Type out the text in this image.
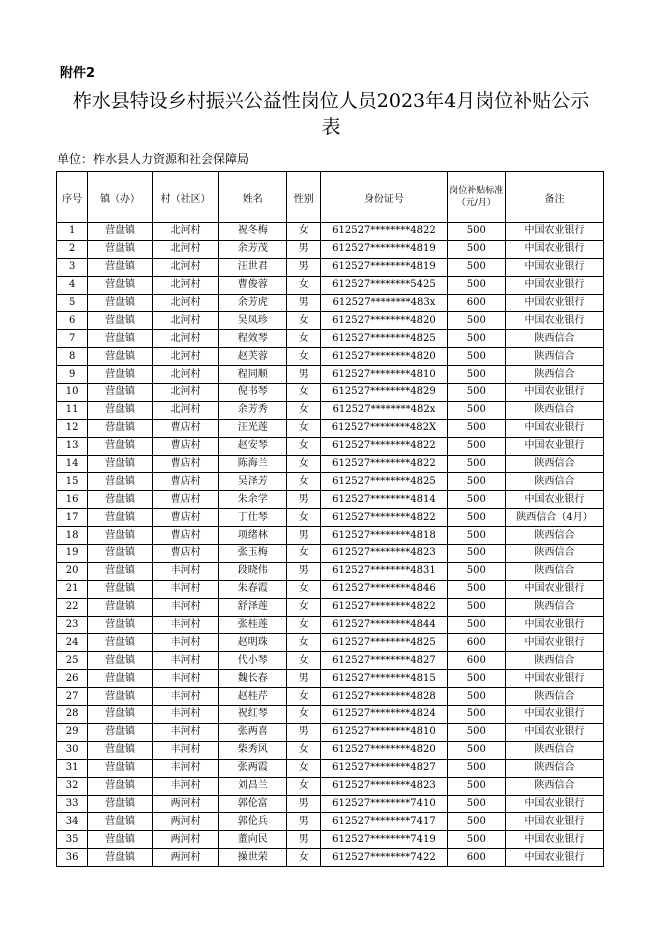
附件2
柞水县特设乡村振兴公益性岗位人员2023年4月岗位补贴公示
表
单位：柞水县人力资源和社会保障局
序号	镇（办）	村（社区）	姓名	性别	身份证号	岗位补贴标准（元/月）	备注
1	营盘镇	北河村	祝冬梅	女	612527********4822	500	中国农业银行
2	营盘镇	北河村	余芳茂	男	612527********4819	500	中国农业银行
3	营盘镇	北河村	汪世君	男	612527********4819	500	中国农业银行
4	营盘镇	北河村	曹俊蓉	女	612527********5425	500	中国农业银行
5	营盘镇	北河村	余芳虎	男	612527********483x	600	中国农业银行
6	营盘镇	北河村	吴凤珍	女	612527********4820	500	中国农业银行
7	营盘镇	北河村	程效琴	女	612527********4825	500	陕西信合
8	营盘镇	北河村	赵芙蓉	女	612527********4820	500	陕西信合
9	营盘镇	北河村	程同顺	男	612527********4810	500	陕西信合
10	营盘镇	北河村	倪书琴	女	612527********4829	500	中国农业银行
11	营盘镇	北河村	余芳秀	女	612527********482x	500	陕西信合
12	营盘镇	曹店村	汪光莲	女	612527********482X	500	中国农业银行
13	营盘镇	曹店村	赵安琴	女	612527********4822	500	中国农业银行
14	营盘镇	曹店村	陈海兰	女	612527********4822	500	陕西信合
15	营盘镇	曹店村	吴泽芳	女	612527********4825	500	陕西信合
16	营盘镇	曹店村	朱余学	男	612527********4814	500	中国农业银行
17	营盘镇	曹店村	丁仕琴	女	612527********4822	500	陕西信合（4月）
18	营盘镇	曹店村	项绪林	男	612527********4818	500	陕西信合
19	营盘镇	曹店村	张玉梅	女	612527********4823	500	陕西信合
20	营盘镇	丰河村	段晓伟	男	612527********4831	500	陕西信合
21	营盘镇	丰河村	朱春霞	女	612527********4846	500	中国农业银行
22	营盘镇	丰河村	舒泽莲	女	612527********4822	500	陕西信合
23	营盘镇	丰河村	张桂莲	女	612527********4844	500	中国农业银行
24	营盘镇	丰河村	赵明珠	女	612527********4825	600	中国农业银行
25	营盘镇	丰河村	代小琴	女	612527********4827	600	陕西信合
26	营盘镇	丰河村	魏长春	男	612527********4815	500	中国农业银行
27	营盘镇	丰河村	赵桂芹	女	612527********4828	500	陕西信合
28	营盘镇	丰河村	祝红琴	女	612527********4824	500	中国农业银行
29	营盘镇	丰河村	张两喜	男	612527********4810	500	中国农业银行
30	营盘镇	丰河村	柴秀风	女	612527********4820	500	陕西信合
31	营盘镇	丰河村	张两霞	女	612527********4827	500	陕西信合
32	营盘镇	丰河村	刘昌兰	女	612527********4823	500	陕西信合
33	营盘镇	两河村	郭伦富	男	612527********7410	500	中国农业银行
34	营盘镇	两河村	郭伦兵	男	612527********7417	500	中国农业银行
35	营盘镇	两河村	董向民	男	612527********7419	500	中国农业银行
36	营盘镇	两河村	操世荣	女	612527********7422	600	中国农业银行
